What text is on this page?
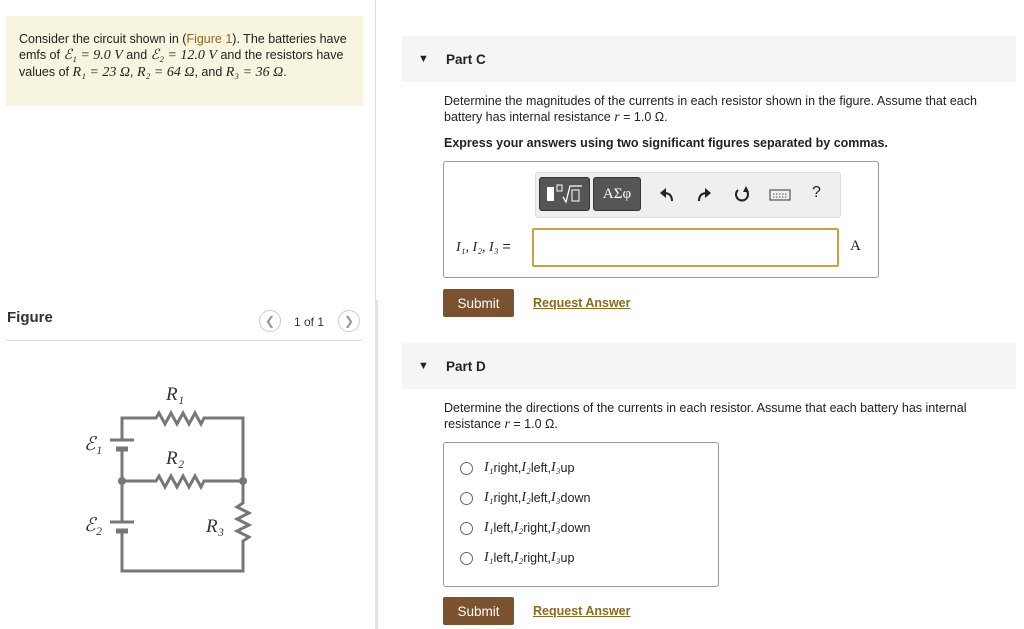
Consider the circuit shown in (Figure 1). The batteries have emfs of ℰ₁ = 9.0 V and ℰ₂ = 12.0 V and the resistors have values of R₁ = 23 Ω, R₂ = 64 Ω, and R₃ = 36 Ω.
Figure	❮ 1 of 1 ❯
R₁
R₂
R₃
ℰ₁
ℰ₂
▼ Part C
Determine the magnitudes of the currents in each resistor shown in the figure. Assume that each battery has internal resistance r = 1.0 Ω.
Express your answers using two significant figures separated by commas.
ΑΣφ	?
I₁, I₂, I₃ =	A
Submit	Request Answer
▼ Part D
Determine the directions of the currents in each resistor. Assume that each battery has internal resistance r = 1.0 Ω.
I₁ right, I₂ left, I₃ up
I₁ right, I₂ left, I₃ down
I₁ left, I₂ right, I₃ down
I₁ left, I₂ right, I₃ up
Submit	Request Answer
